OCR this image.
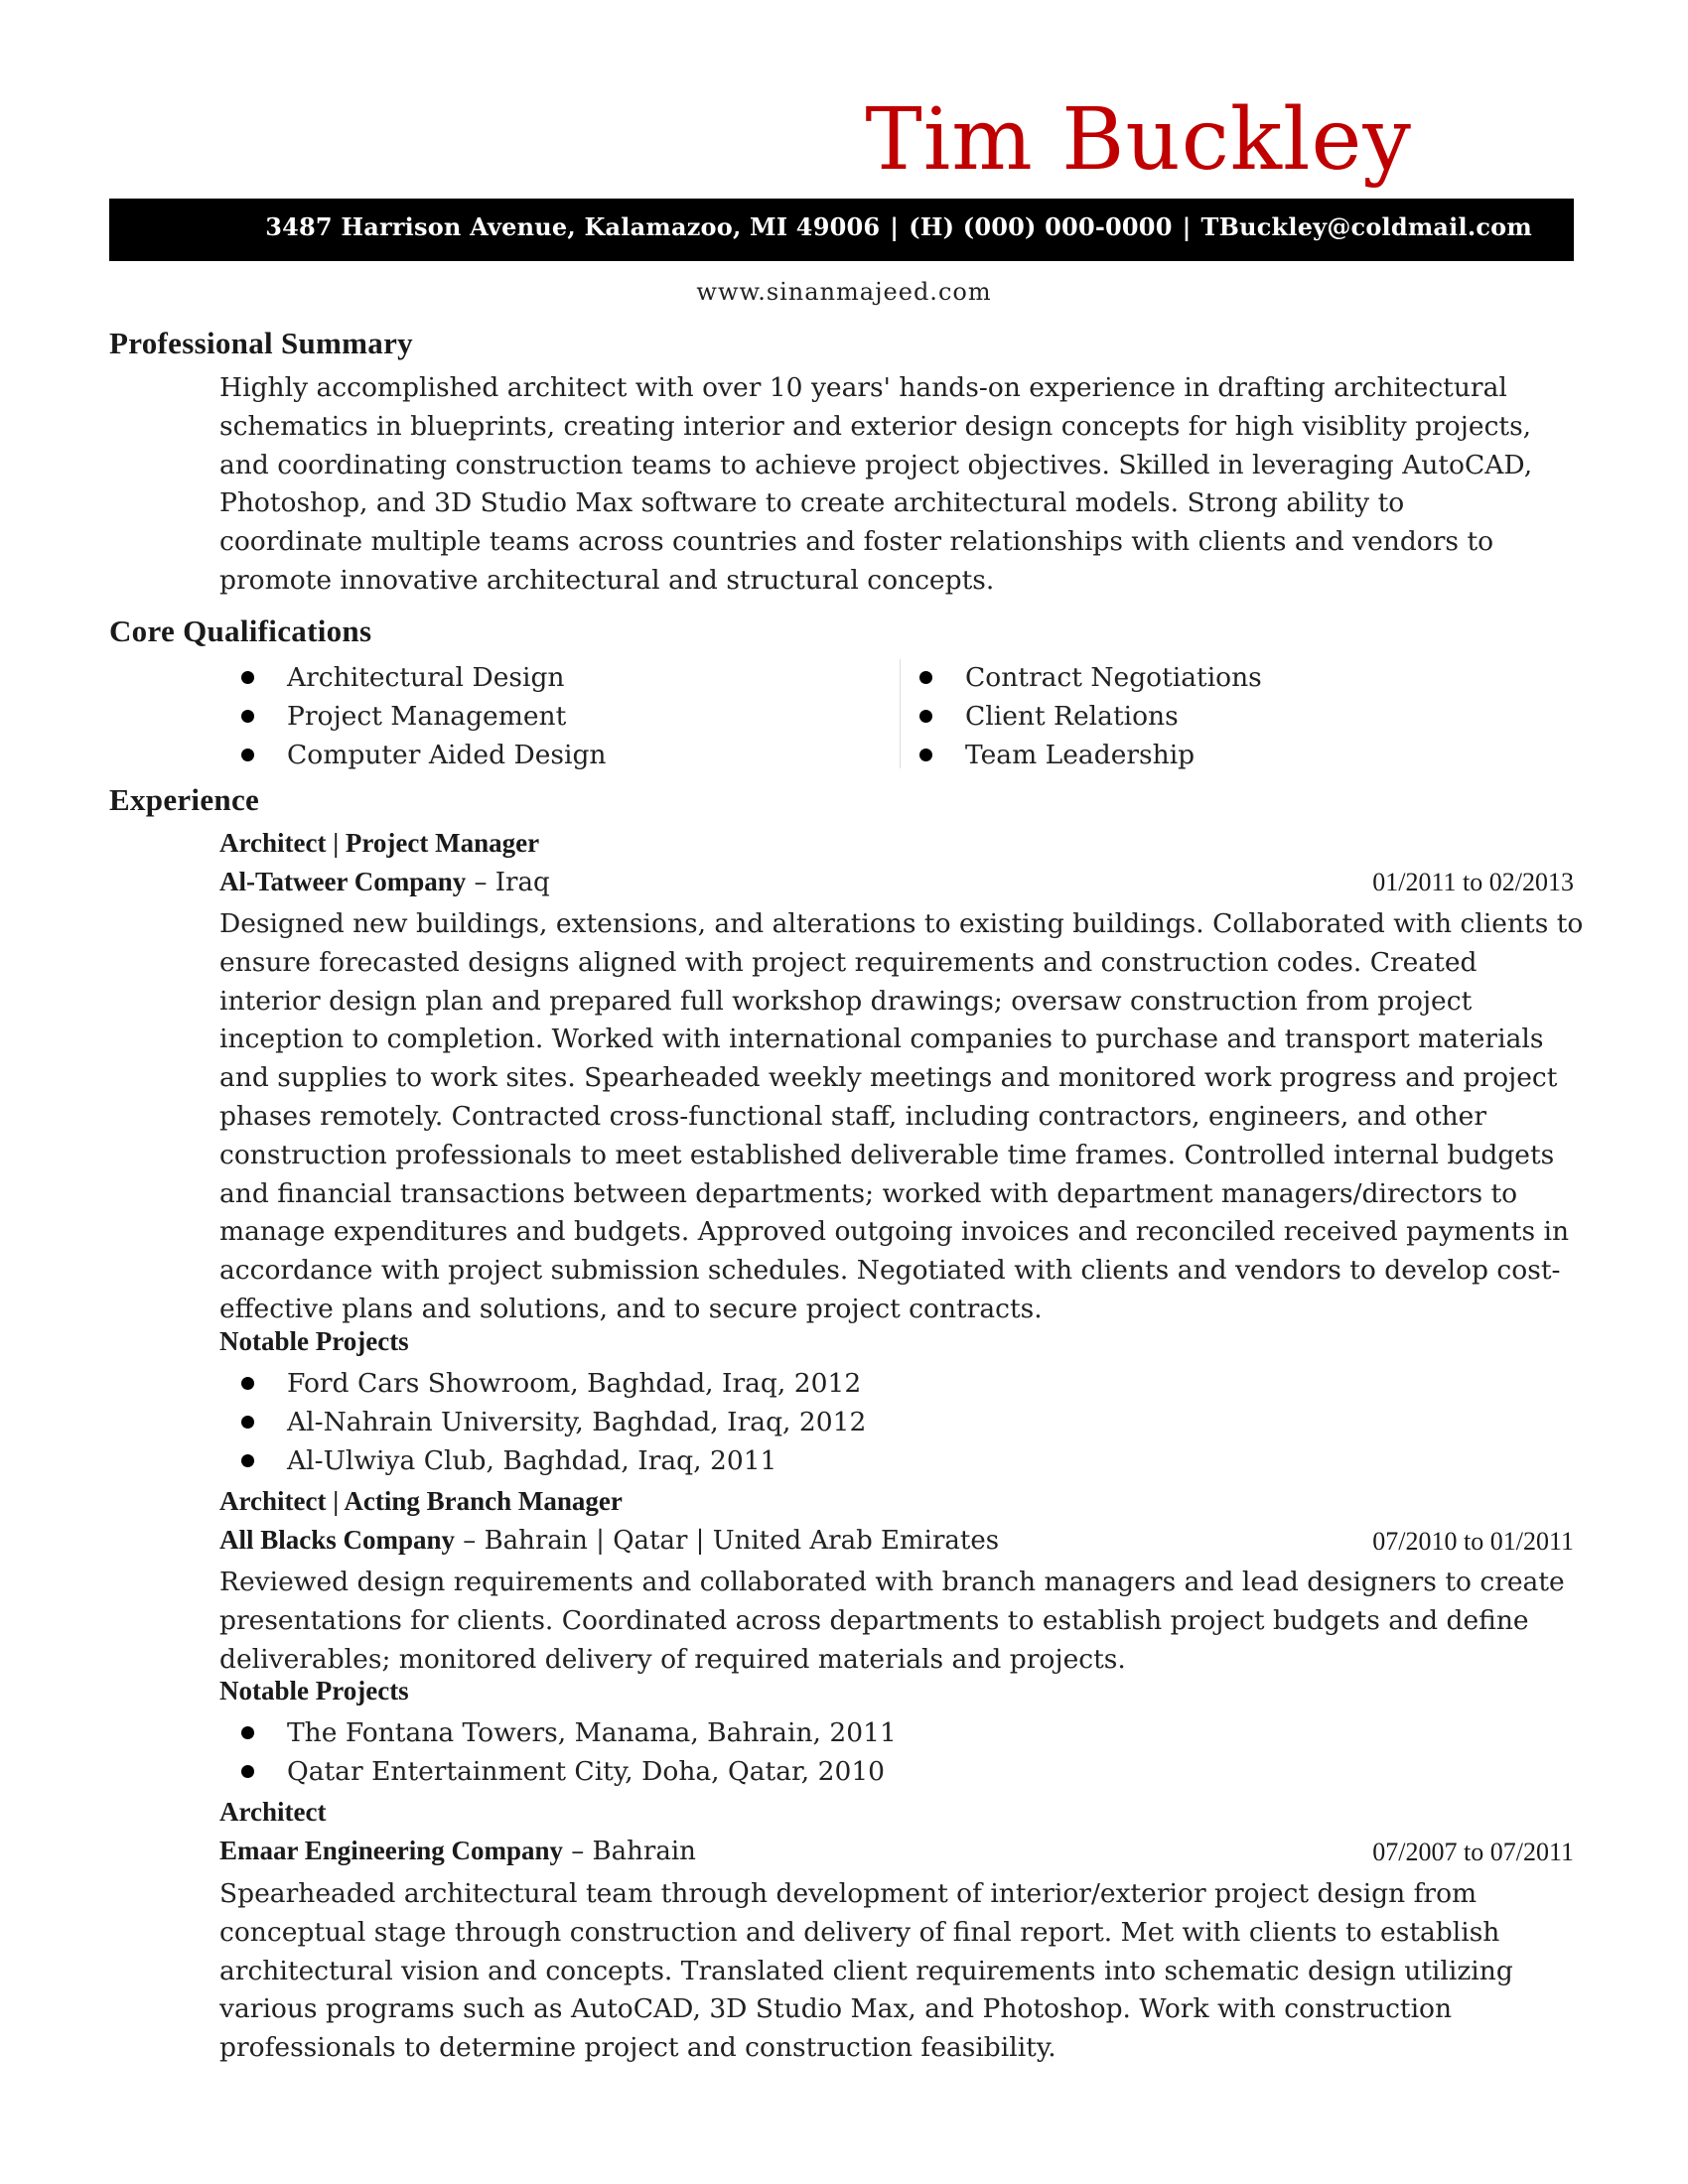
Tim Buckley
3487 Harrison Avenue, Kalamazoo, MI 49006 | (H) (000) 000-0000 | TBuckley@coldmail.com
www.sinanmajeed.com
Professional Summary
Highly accomplished architect with over 10 years' hands-on experience in drafting architectural schematics in blueprints, creating interior and exterior design concepts for high visiblity projects, and coordinating construction teams to achieve project objectives. Skilled in leveraging AutoCAD, Photoshop, and 3D Studio Max software to create architectural models. Strong ability to coordinate multiple teams across countries and foster relationships with clients and vendors to promote innovative architectural and structural concepts.
Core Qualifications
Architectural Design
Project Management
Computer Aided Design
Contract Negotiations
Client Relations
Team Leadership
Experience
Architect | Project Manager
Al-Tatweer Company – Iraq	01/2011 to 02/2013
Designed new buildings, extensions, and alterations to existing buildings. Collaborated with clients to ensure forecasted designs aligned with project requirements and construction codes. Created interior design plan and prepared full workshop drawings; oversaw construction from project inception to completion. Worked with international companies to purchase and transport materials and supplies to work sites. Spearheaded weekly meetings and monitored work progress and project phases remotely. Contracted cross-functional staff, including contractors, engineers, and other construction professionals to meet established deliverable time frames. Controlled internal budgets and financial transactions between departments; worked with department managers/directors to manage expenditures and budgets. Approved outgoing invoices and reconciled received payments in accordance with project submission schedules. Negotiated with clients and vendors to develop cost-effective plans and solutions, and to secure project contracts.
Notable Projects
Ford Cars Showroom, Baghdad, Iraq, 2012
Al-Nahrain University, Baghdad, Iraq, 2012
Al-Ulwiya Club, Baghdad, Iraq, 2011
Architect | Acting Branch Manager
All Blacks Company – Bahrain | Qatar | United Arab Emirates	07/2010 to 01/2011
Reviewed design requirements and collaborated with branch managers and lead designers to create presentations for clients. Coordinated across departments to establish project budgets and define deliverables; monitored delivery of required materials and projects.
Notable Projects
The Fontana Towers, Manama, Bahrain, 2011
Qatar Entertainment City, Doha, Qatar, 2010
Architect
Emaar Engineering Company – Bahrain	07/2007 to 07/2011
Spearheaded architectural team through development of interior/exterior project design from conceptual stage through construction and delivery of final report. Met with clients to establish architectural vision and concepts. Translated client requirements into schematic design utilizing various programs such as AutoCAD, 3D Studio Max, and Photoshop. Work with construction professionals to determine project and construction feasibility.
